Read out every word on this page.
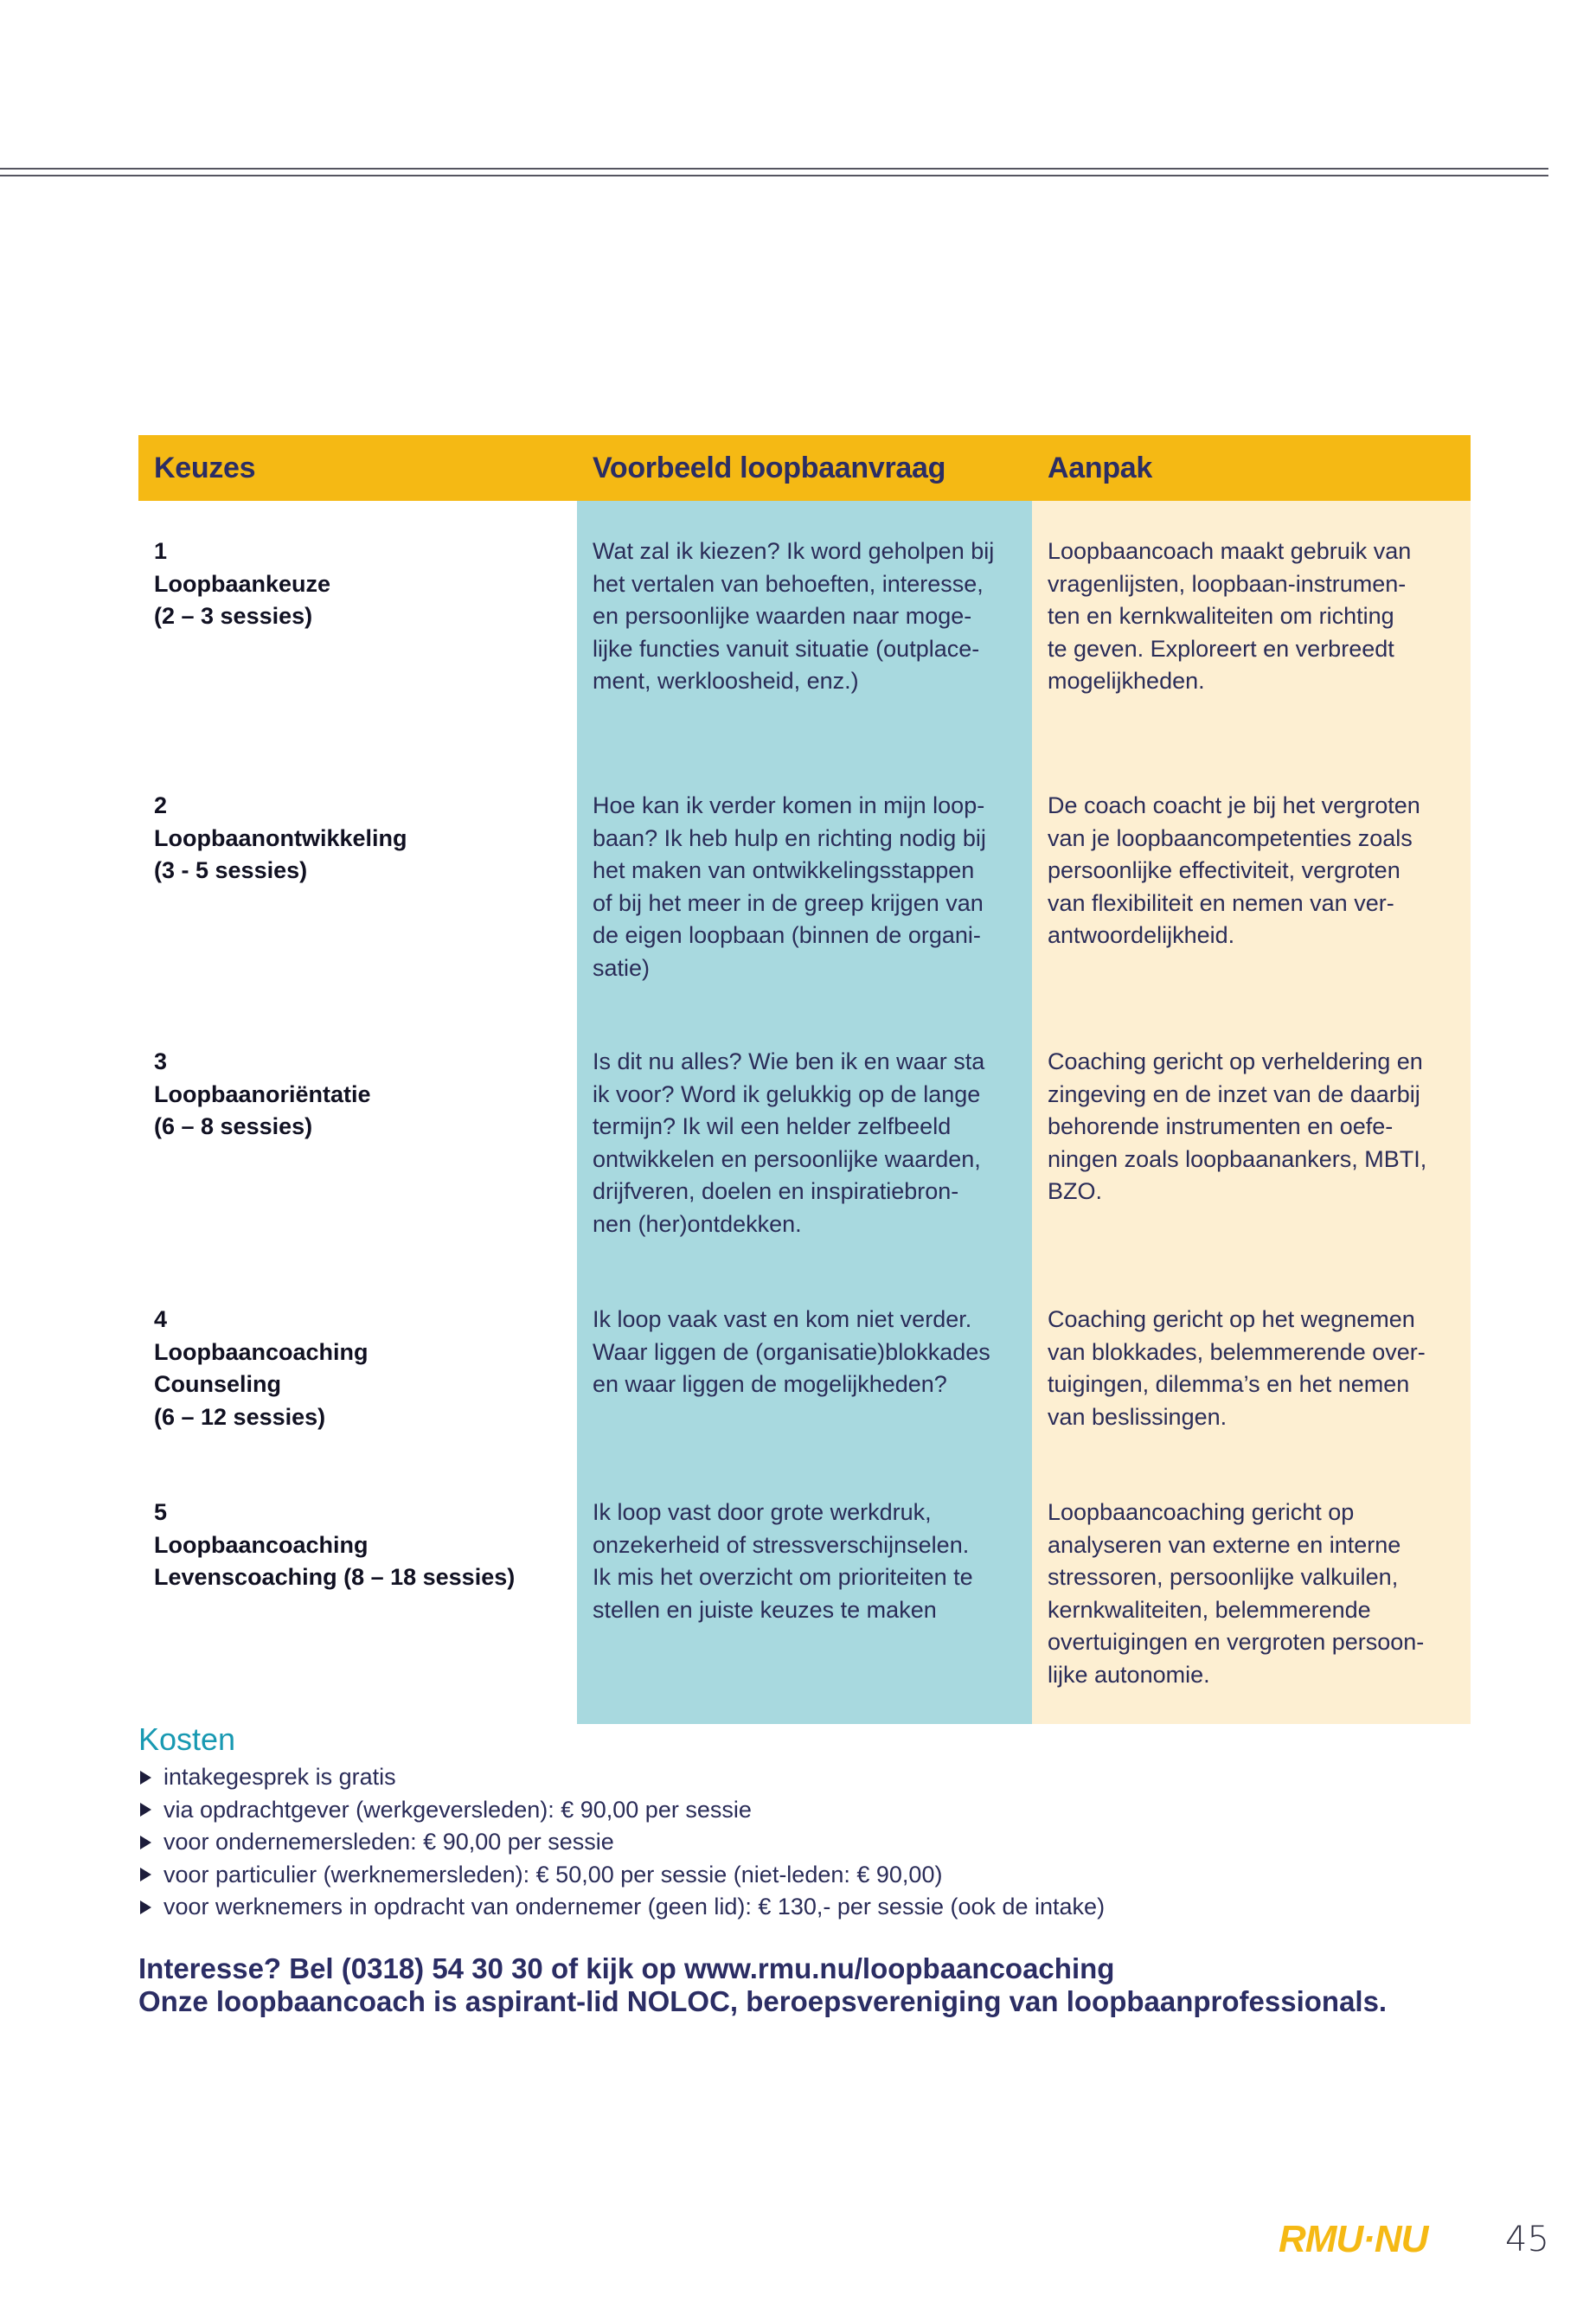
Keuzes	Voorbeeld loopbaanvraag	Aanpak
1
Loopbaankeuze
(2 – 3 sessies)
2
Loopbaanontwikkeling
(3 - 5 sessies)
3
Loopbaanoriëntatie
(6 – 8 sessies)
4
Loopbaancoaching
Counseling
(6 – 12 sessies)
5
Loopbaancoaching
Levenscoaching (8 – 18 sessies)
Wat zal ik kiezen? Ik word geholpen bij
het vertalen van behoeften, interesse,
en persoonlijke waarden naar moge-
lijke functies vanuit situatie (outplace-
ment, werkloosheid, enz.)
Hoe kan ik verder komen in mijn loop-
baan? Ik heb hulp en richting nodig bij
het maken van ontwikkelingsstappen
of bij het meer in de greep krijgen van
de eigen loopbaan (binnen de organi-
satie)
Is dit nu alles? Wie ben ik en waar sta
ik voor? Word ik gelukkig op de lange
termijn? Ik wil een helder zelfbeeld
ontwikkelen en persoonlijke waarden,
drijfveren, doelen en inspiratiebron-
nen (her)ontdekken.
Ik loop vaak vast en kom niet verder.
Waar liggen de (organisatie)blokkades
en waar liggen de mogelijkheden?
Ik loop vast door grote werkdruk,
onzekerheid of stressverschijnselen.
Ik mis het overzicht om prioriteiten te
stellen en juiste keuzes te maken
Loopbaancoach maakt gebruik van
vragenlijsten, loopbaan-instrumen-
ten en kernkwaliteiten om richting
te geven. Exploreert en verbreedt
mogelijkheden.
De coach coacht je bij het vergroten
van je loopbaancompetenties zoals
persoonlijke effectiviteit, vergroten
van flexibiliteit en nemen van ver-
antwoordelijkheid.
Coaching gericht op verheldering en
zingeving en de inzet van de daarbij
behorende instrumenten en oefe-
ningen zoals loopbaanankers, MBTI,
BZO.
Coaching gericht op het wegnemen
van blokkades, belemmerende over-
tuigingen, dilemma’s en het nemen
van beslissingen.
Loopbaancoaching gericht op
analyseren van externe en interne
stressoren, persoonlijke valkuilen,
kernkwaliteiten, belemmerende
overtuigingen en vergroten persoon-
lijke autonomie.
Kosten
intakegesprek is gratis
via opdrachtgever (werkgeversleden): € 90,00 per sessie
voor ondernemersleden: € 90,00 per sessie
voor particulier (werknemersleden): € 50,00 per sessie (niet-leden: € 90,00)
voor werknemers in opdracht van ondernemer (geen lid): € 130,- per sessie (ook de intake)
Interesse? Bel (0318) 54 30 30 of kijk op www.rmu.nu/loopbaancoaching
Onze loopbaancoach is aspirant-lid NOLOC, beroepsvereniging van loopbaanprofessionals.
RMU·NU 45
